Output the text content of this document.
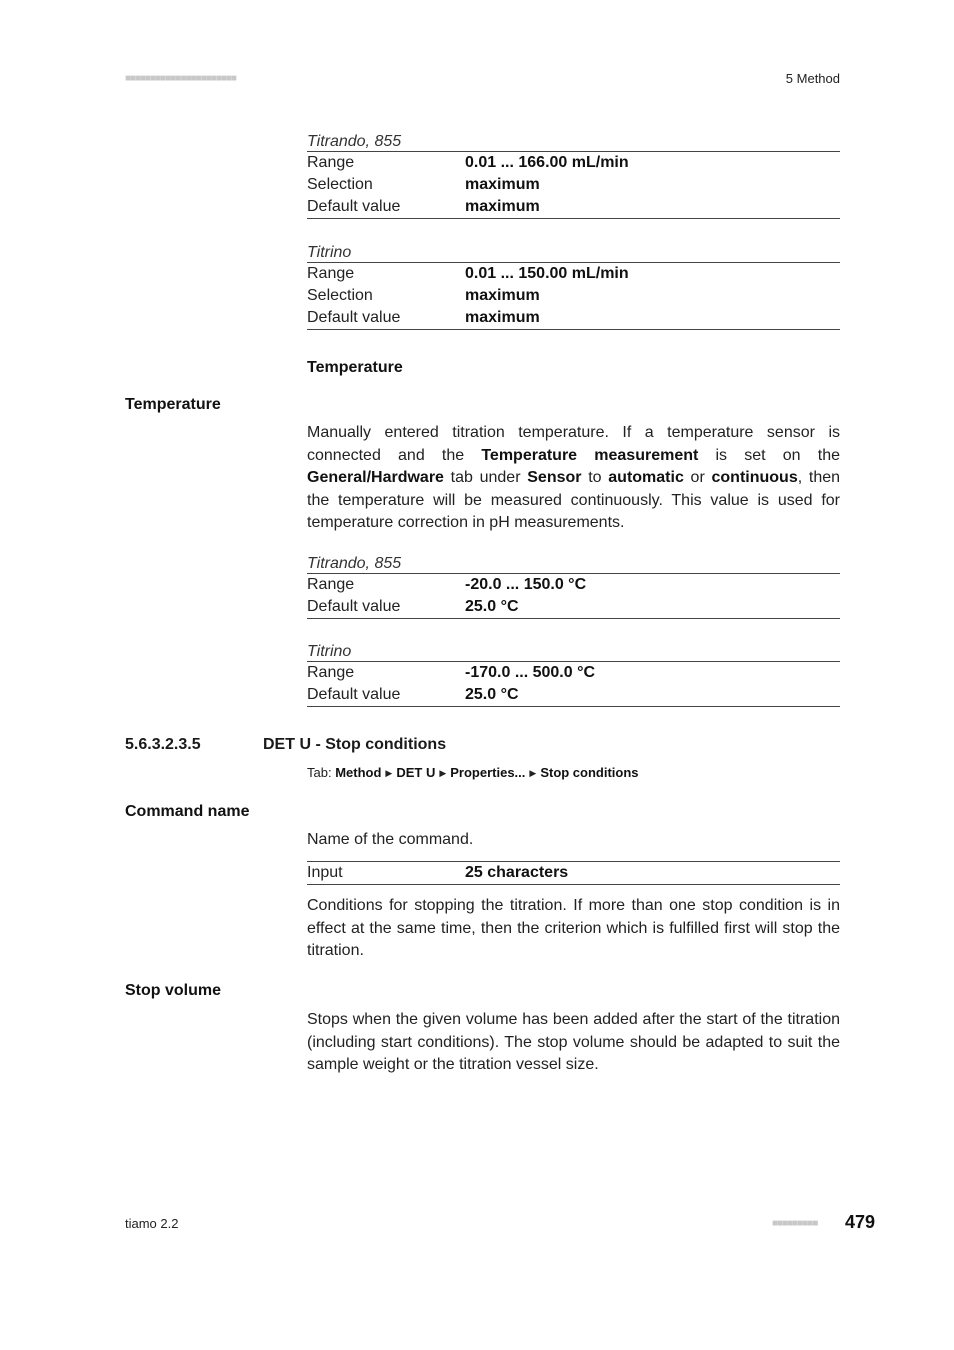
■■■■■■■■■■■■■■■■■■■■■■	5 Method
Titrando, 855
Range	0.01 ... 166.00 mL/min
Selection	maximum
Default value	maximum
Titrino
Range	0.01 ... 150.00 mL/min
Selection	maximum
Default value	maximum
Temperature
Temperature
Manually entered titration temperature. If a temperature sensor is connected and the Temperature measurement is set on the General/Hardware tab under Sensor to automatic or continuous, then the temperature will be measured continuously. This value is used for temperature correction in pH measurements.
Titrando, 855
Range	-20.0 ... 150.0 °C
Default value	25.0 °C
Titrino
Range	-170.0 ... 500.0 °C
Default value	25.0 °C
5.6.3.2.3.5	DET U - Stop conditions
Tab: Method ▶ DET U ▶ Properties... ▶ Stop conditions
Command name
Name of the command.
Input	25 characters
Conditions for stopping the titration. If more than one stop condition is in effect at the same time, then the criterion which is fulfilled first will stop the titration.
Stop volume
Stops when the given volume has been added after the start of the titration (including start conditions). The stop volume should be adapted to suit the sample weight or the titration vessel size.
tiamo 2.2	■■■■■■■■■ 479
